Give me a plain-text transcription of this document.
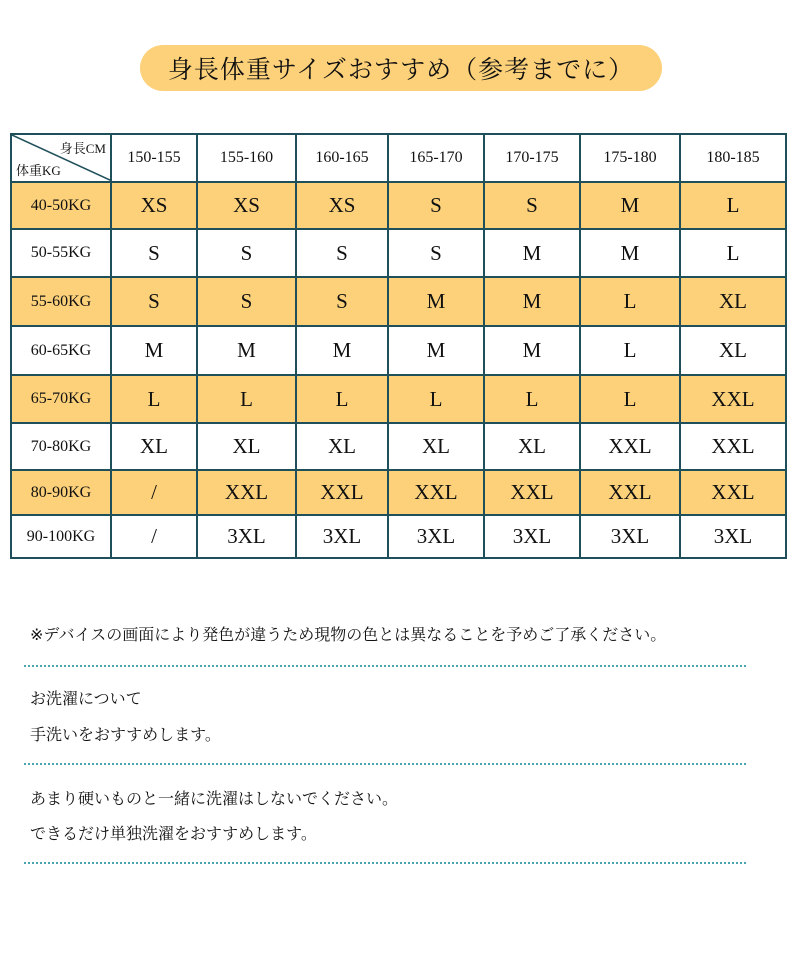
身長体重サイズおすすめ（参考までに）
身長CM
体重KG	150-155	155-160	160-165	165-170	170-175	175-180	180-185
40-50KG	XS	XS	XS	S	S	M	L
50-55KG	S	S	S	S	M	M	L
55-60KG	S	S	S	M	M	L	XL
60-65KG	M	M	M	M	M	L	XL
65-70KG	L	L	L	L	L	L	XXL
70-80KG	XL	XL	XL	XL	XL	XXL	XXL
80-90KG	/	XXL	XXL	XXL	XXL	XXL	XXL
90-100KG	/	3XL	3XL	3XL	3XL	3XL	3XL
※デバイスの画面により発色が違うため現物の色とは異なることを予めご了承ください。
お洗濯について
手洗いをおすすめします。
あまり硬いものと一緒に洗濯はしないでください。
できるだけ単独洗濯をおすすめします。
